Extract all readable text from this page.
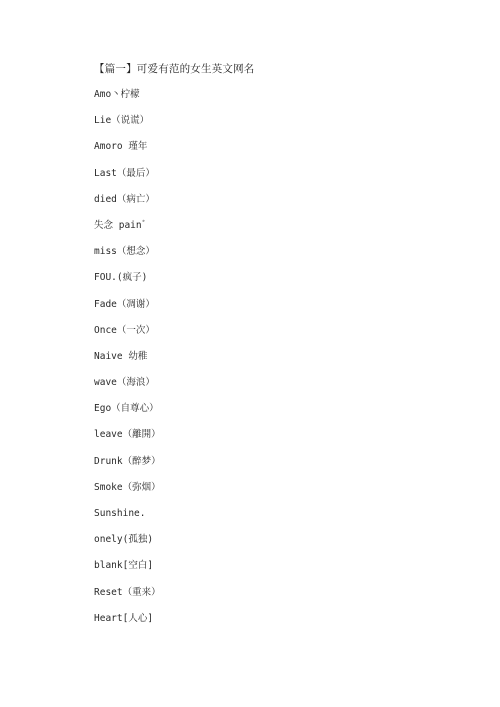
【篇一】可爱有范的女生英文网名
Amo丶柠檬
Lie（说谎）
Amoro 瑾年
Last（最后）
died（病亡）
失念 pain゛
miss（想念）
FOU.(疯子)
Fade（凋谢）
Once（一次）
Naive 幼稚
wave（海浪）
Ego（自尊心）
leave（離開）
Drunk（醉梦）
Smoke（弥烟）
Sunshine.
onely(孤独)
blank[空白]
Reset（重来）
Heart[人心]
